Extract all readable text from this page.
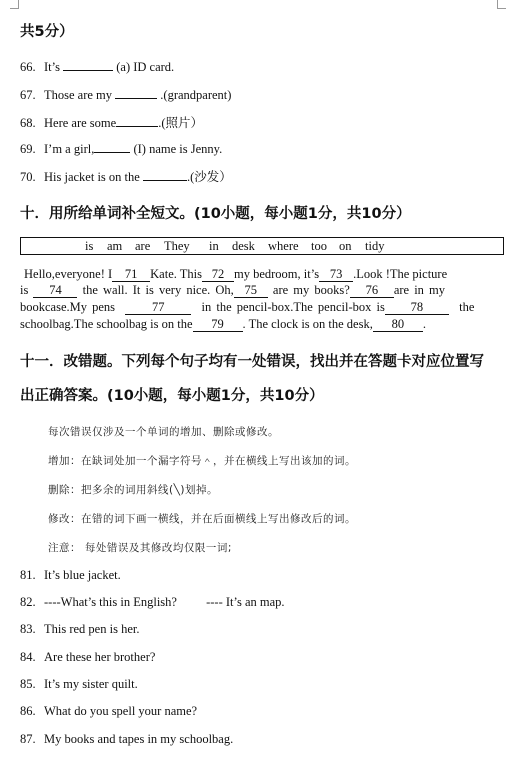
共5分）
66. It’s	(a) ID card.
67. Those are my	.(grandparent)
68. Here are some	.(照片）
69. I’m a girl,	(I) name is Jenny.
70. His jacket is on the	.(沙发）
十．用所给单词补全短文。(10小题，每小题1分，共10分）
is am are They in desk where too on tidy
Hello,everyone! I 71 Kate. This 72 my bedroom, it’s 73 .Look !The picture
is 74 the wall. It is very nice. Oh, 75 are my books? 76 are in my
bookcase.My pens	77	in the pencil-box.The pencil-box is 78	the
schoolbag.The schoolbag is on the 79 . The clock is on the desk, 80 .
十一．改错题。下列每个句子均有一处错误，找出并在答题卡对应位置写
出正确答案。(10小题，每小题1分，共10分）
每次错误仅涉及一个单词的增加、删除或修改。
增加：在缺词处加一个漏字符号＾，并在横线上写出该加的词。
删除：把多余的词用斜线(╲)划掉。
修改：在错的词下画一横线，并在后面横线上写出修改后的词。
注意： 每处错误及其修改均仅限一词;
81. It’s blue jacket.
82. ----What’s this in English? ---- It’s an map.
83. This red pen is her.
84. Are these her brother?
85. It’s my sister quilt.
86. What do you spell your name?
87. My books and tapes in my schoolbag.
